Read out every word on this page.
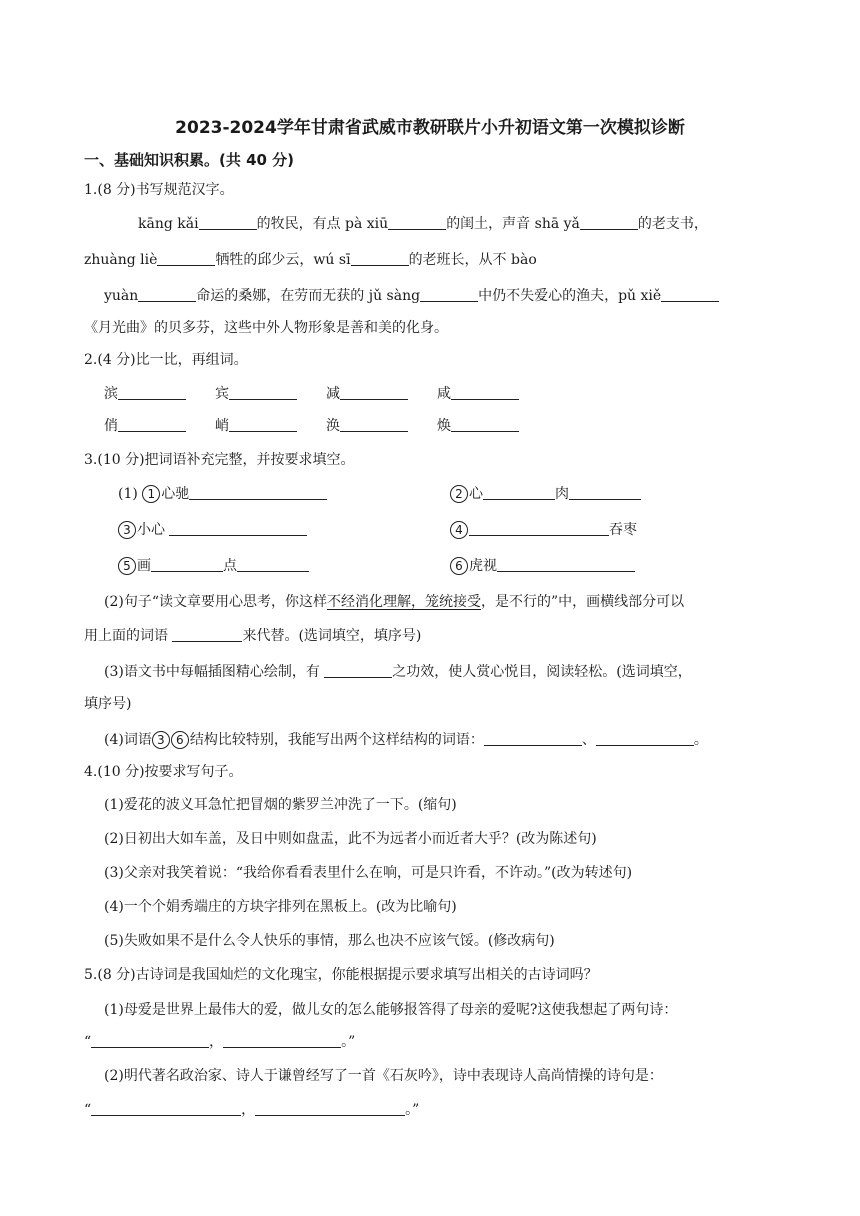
2023-2024学年甘肃省武威市教研联片小升初语文第一次模拟诊断
一、基础知识积累。(共 40 分)
1.(8 分)书写规范汉字。
kāng kǎi	的牧民，有点 pà xiū	的闺土，声音 shā yǎ	的老支书，
zhuàng liè	牺牲的邱少云，wú sī	的老班长，从不 bào
yuàn	命运的桑娜，在劳而无获的 jǔ sàng	中仍不失爱心的渔夫，pǔ xiě
《月光曲》的贝多芬，这些中外人物形象是善和美的化身。
2.(4 分)比一比，再组词。
滨	宾	减	咸
俏	峭	涣	焕
3.(10 分)把词语补充完整，并按要求填空。
(1) 1 心驰	2 心	肉
3 小心	4	吞枣
5 画	点	6 虎视
(2)句子“读文章要用心思考，你这样不经消化理解，笼统接受，是不行的”中，画横线部分可以
用上面的词语	来代替。(选词填空，填序号)
(3)语文书中每幅插图精心绘制，有	之功效，使人赏心悦目，阅读轻松。(选词填空，
填序号)
(4)词语 3 6 结构比较特别，我能写出两个这样结构的词语：	、	。
4.(10 分)按要求写句子。
(1)爱花的波义耳急忙把冒烟的紫罗兰冲洗了一下。(缩句)
(2)日初出大如车盖，及日中则如盘盂，此不为远者小而近者大乎？(改为陈述句)
(3)父亲对我笑着说：“我给你看看表里什么在响，可是只许看，不许动。”(改为转述句)
(4)一个个娟秀端庄的方块字排列在黑板上。(改为比喻句)
(5)失败如果不是什么令人快乐的事情，那么也决不应该气馁。(修改病句)
5.(8 分)古诗词是我国灿烂的文化瑰宝，你能根据提示要求填写出相关的古诗词吗？
(1)母爱是世界上最伟大的爱，做儿女的怎么能够报答得了母亲的爱呢?这使我想起了两句诗：
“	，	。”
(2)明代著名政治家、诗人于谦曾经写了一首《石灰吟》，诗中表现诗人高尚情操的诗句是：
“	，	。”
